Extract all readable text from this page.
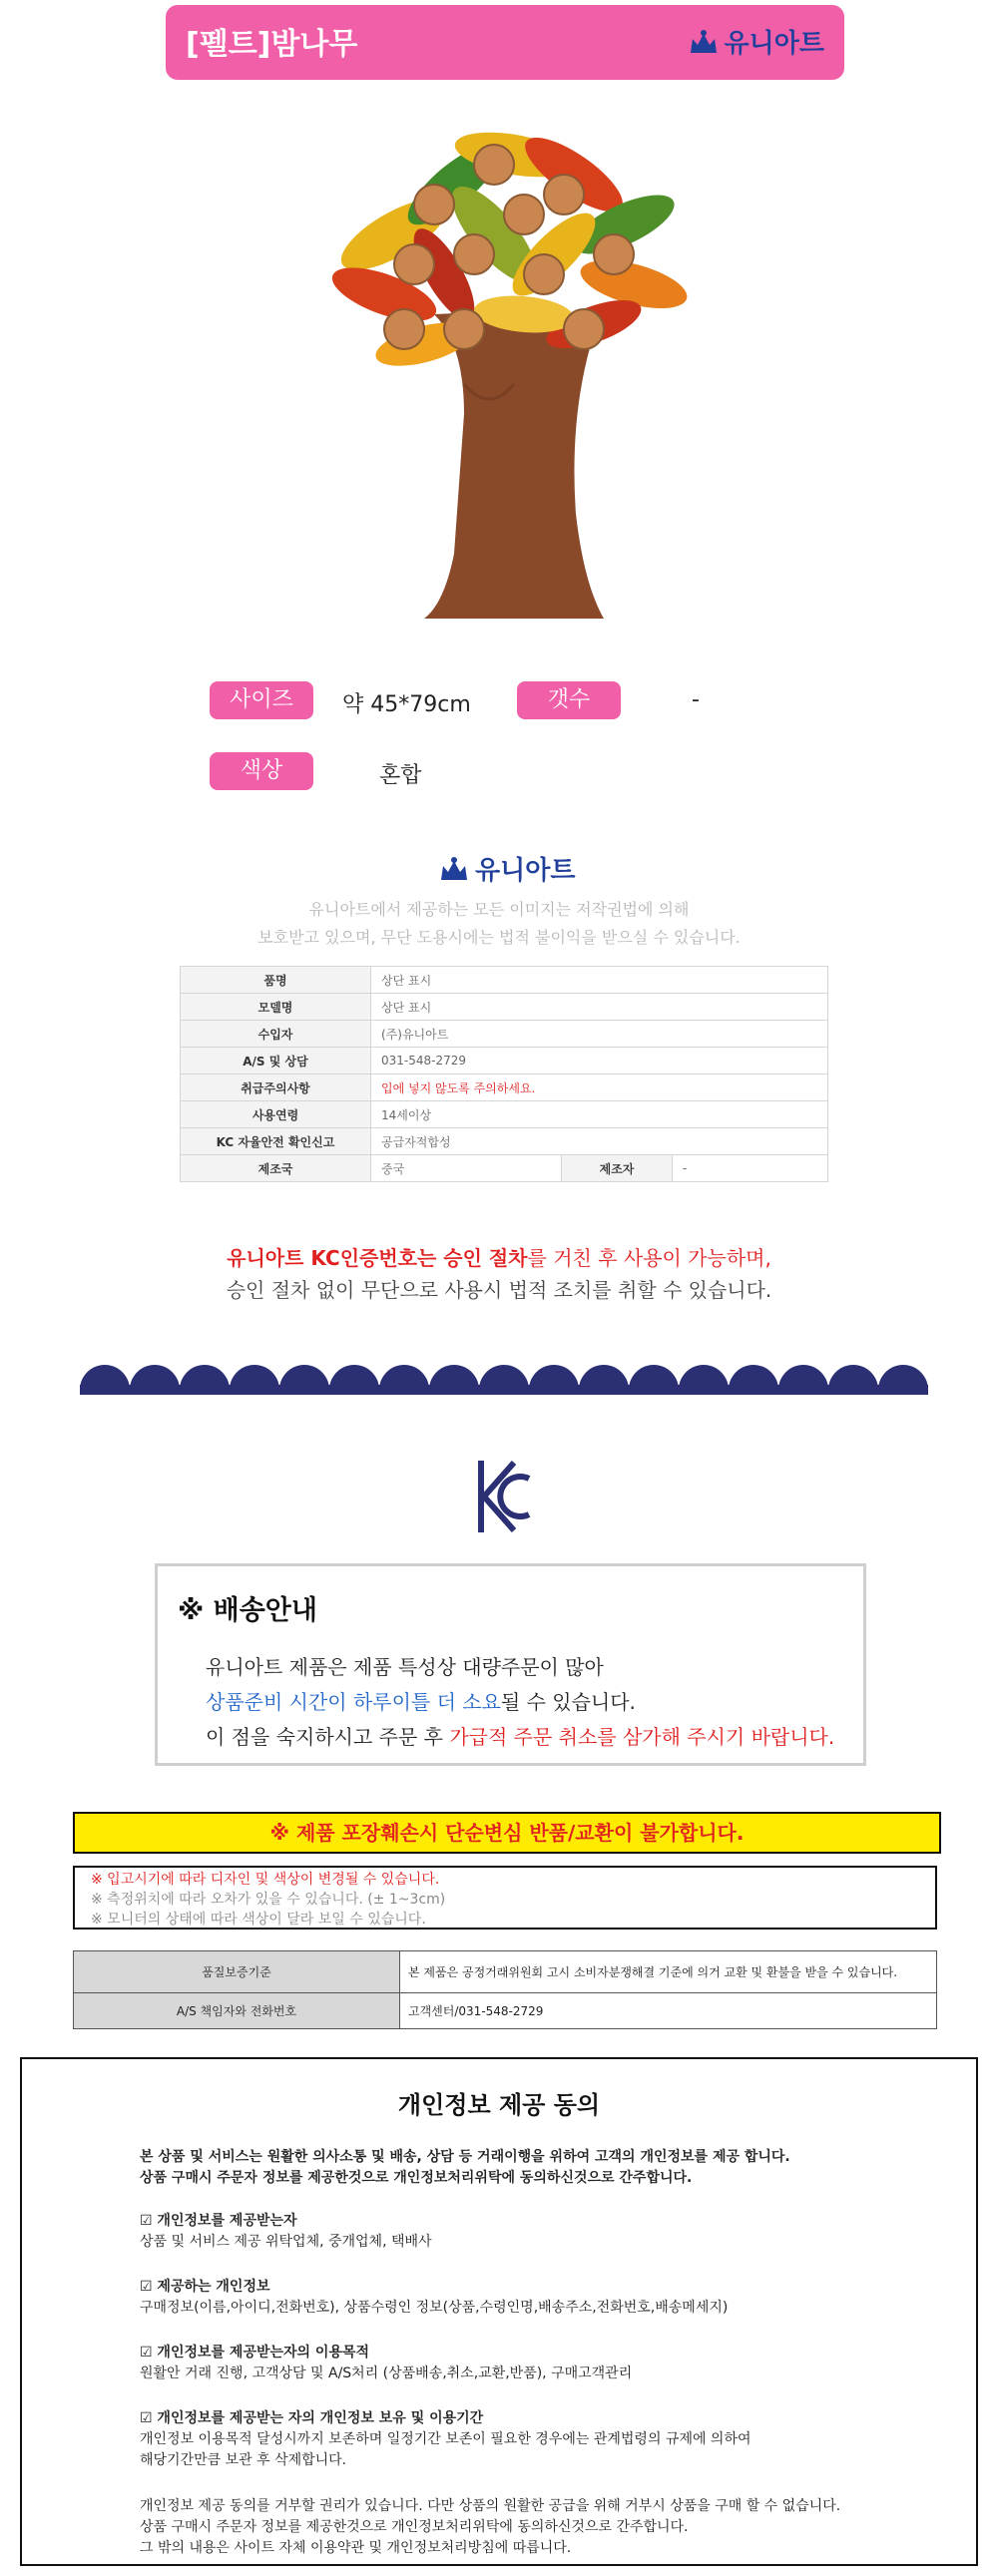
[펠트]밤나무	유니아트
사이즈	약 45*79cm	갯수	-
색상	혼합
유니아트
유니아트에서 제공하는 모든 이미지는 저작권법에 의해
보호받고 있으며, 무단 도용시에는 법적 불이익을 받으실 수 있습니다.
품명	상단 표시		
모델명	상단 표시		
수입자	(주)유니아트		
A/S 및 상담	031-548-2729		
취급주의사항	입에 넣지 않도록 주의하세요.		
사용연령	14세이상		
KC 자율안전 확인신고	공급자적합성		
제조국	중국	제조자	-
유니아트 KC인증번호는 승인 절차를 거친 후 사용이 가능하며,
승인 절차 없이 무단으로 사용시 법적 조치를 취할 수 있습니다.
KC
※ 배송안내
유니아트 제품은 제품 특성상 대량주문이 많아
상품준비 시간이 하루이틀 더 소요될 수 있습니다.
이 점을 숙지하시고 주문 후 가급적 주문 취소를 삼가해 주시기 바랍니다.
※ 제품 포장훼손시 단순변심 반품/교환이 불가합니다.
※ 입고시기에 따라 디자인 및 색상이 변경될 수 있습니다.
※ 측정위치에 따라 오차가 있을 수 있습니다. (± 1~3cm)
※ 모니터의 상태에 따라 색상이 달라 보일 수 있습니다.
품질보증기준	본 제품은 공정거래위원회 고시 소비자분쟁해결 기준에 의거 교환 및 환불을 받을 수 있습니다.
A/S 책임자와 전화번호	고객센터/031-548-2729
개인정보 제공 동의
본 상품 및 서비스는 원활한 의사소통 및 배송, 상담 등 거래이행을 위하여 고객의 개인정보를 제공 합니다.
상품 구매시 주문자 정보를 제공한것으로 개인정보처리위탁에 동의하신것으로 간주합니다.
☑ 개인정보를 제공받는자
상품 및 서비스 제공 위탁업체, 중개업체, 택배사
☑ 제공하는 개인정보
구매정보(이름,아이디,전화번호), 상품수령인 정보(상품,수령인명,배송주소,전화번호,배송메세지)
☑ 개인정보를 제공받는자의 이용목적
원활안 거래 진행, 고객상담 및 A/S처리 (상품배송,취소,교환,반품), 구매고객관리
☑ 개인정보를 제공받는 자의 개인정보 보유 및 이용기간
개인정보 이용목적 달성시까지 보존하며 일정기간 보존이 필요한 경우에는 관계법령의 규제에 의하여
해당기간만큼 보관 후 삭제합니다.
개인정보 제공 동의를 거부할 권리가 있습니다. 다만 상품의 원활한 공급을 위해 거부시 상품을 구매 할 수 없습니다.
상품 구매시 주문자 정보를 제공한것으로 개인정보처리위탁에 동의하신것으로 간주합니다.
그 밖의 내용은 사이트 자체 이용약관 및 개인정보처리방침에 따릅니다.
